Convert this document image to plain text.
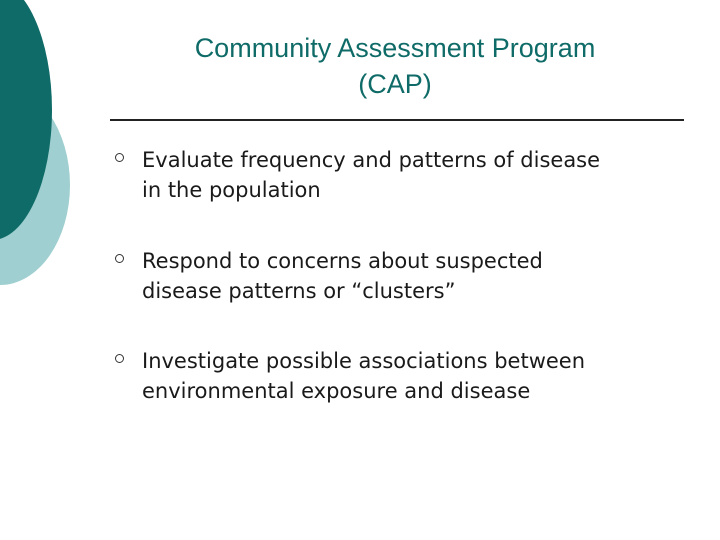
Community Assessment Program
(CAP)
Evaluate frequency and patterns of disease
in the population
Respond to concerns about suspected
disease patterns or “clusters”
Investigate possible associations between
environmental exposure and disease
